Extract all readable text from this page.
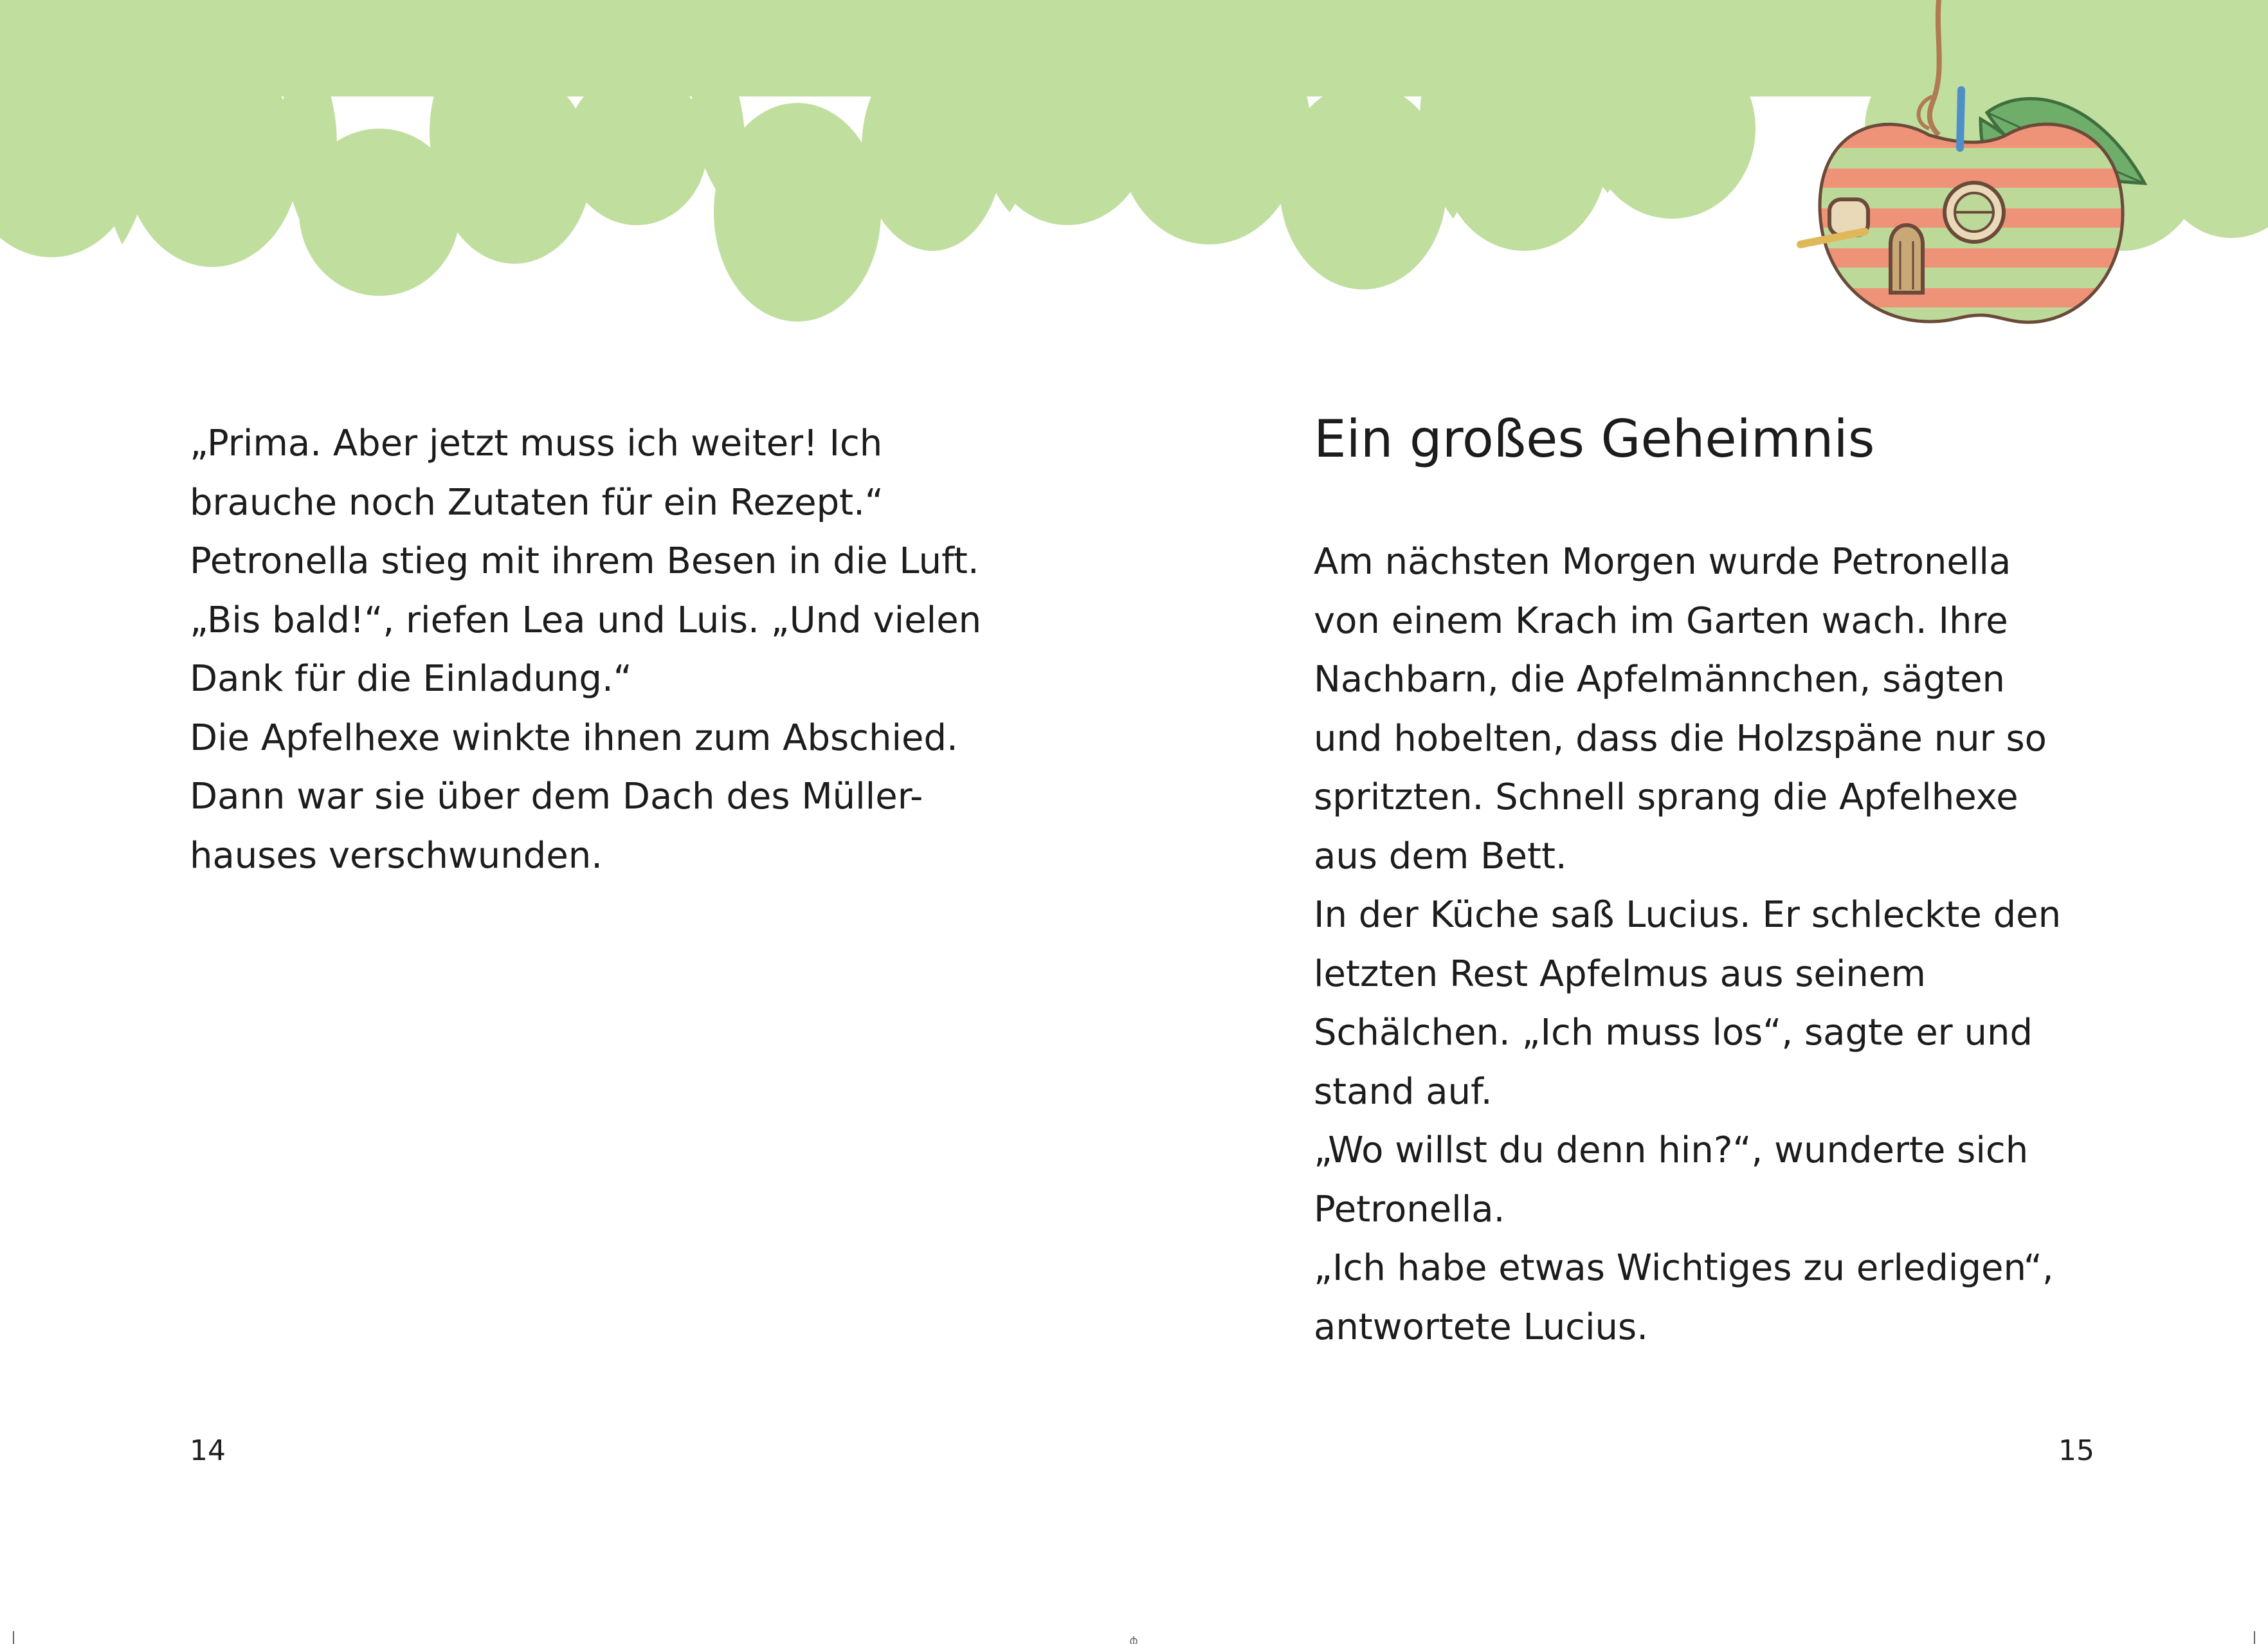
„Prima. Aber jetzt muss ich weiter! Ich
brauche noch Zutaten für ein Rezept.“
Petronella stieg mit ihrem Besen in die Luft.
„Bis bald!“, riefen Lea und Luis. „Und vielen
Dank für die Einladung.“
Die Apfelhexe winkte ihnen zum Abschied.
Dann war sie über dem Dach des Müller-
hauses verschwunden.
14
Ein großes Geheimnis
Am nächsten Morgen wurde Petronella
von einem Krach im Garten wach. Ihre
Nachbarn, die Apfelmännchen, sägten
und hobelten, dass die Holzspäne nur so
spritzten. Schnell sprang die Apfelhexe
aus dem Bett.
In der Küche saß Lucius. Er schleckte den
letzten Rest Apfelmus aus seinem
Schälchen. „Ich muss los“, sagte er und
stand auf.
„Wo willst du denn hin?“, wunderte sich
Petronella.
„Ich habe etwas Wichtiges zu erledigen“,
antwortete Lucius.
15
